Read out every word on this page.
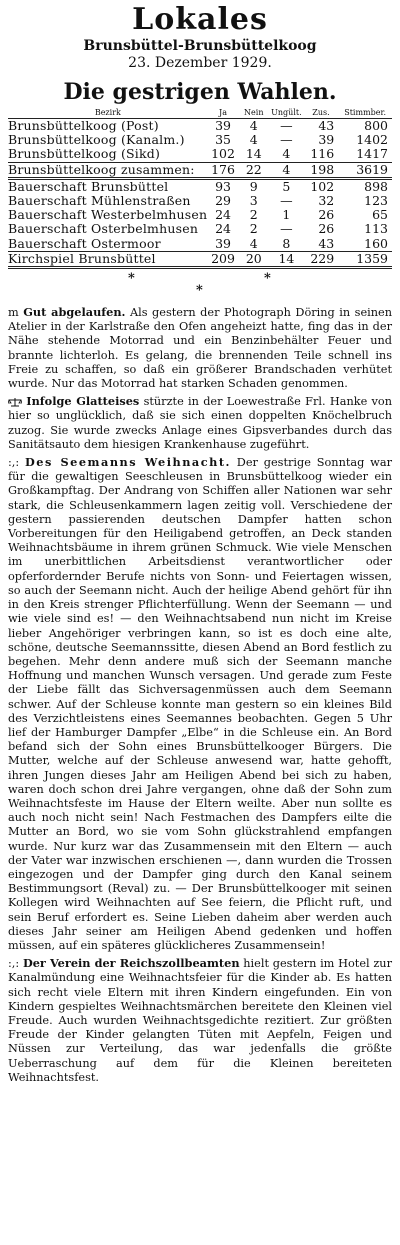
Lokales
Brunsbüttel-Brunsbüttelkoog
23. Dezember 1929.
Die gestrigen Wahlen.
Bezirk	Ja	Nein	Ungült.	Zus.	Stimmber.
Brunsbüttelkoog (Post)	39	4	—	43	800
Brunsbüttelkoog (Kanalm.)	35	4	—	39	1402
Brunsbüttelkoog (Sikd)	102	14	4	116	1417
Brunsbüttelkoog zusammen:	176	22	4	198	3619
Bauerschaft Brunsbüttel	93	9	5	102	898
Bauerschaft Mühlenstraßen	29	3	—	32	123
Bauerschaft Westerbelmhusen	24	2	1	26	65
Bauerschaft Osterbelmhusen	24	2	—	26	113
Bauerschaft Ostermoor	39	4	8	43	160
Kirchspiel Brunsbüttel	209	20	14	229	1359
*
*
*

m Gut abgelaufen. Als gestern der Photograph Döring in seinen Atelier in der Karlstraße den Ofen angeheizt hatte, fing das in der Nähe stehende Motorrad und ein Benzinbehälter Feuer und brannte lichterloh. Es gelang, die brennenden Teile schnell ins Freie zu schaffen, so daß ein größerer Brandschaden verhütet wurde. Nur das Motorrad hat starken Schaden genommen.

Infolge Glatteises stürzte in der Loewestraße Frl. Hanke von hier so unglücklich, daß sie sich einen doppelten Knöchelbruch zuzog. Sie wurde zwecks Anlage eines Gipsverbandes durch das Sanitätsauto dem hiesigen Krankenhause zugeführt.

:,: Des Seemanns Weihnacht. Der gestrige Sonntag war für die gewaltigen Seeschleusen in Brunsbüttelkoog wieder ein Großkampftag. Der Andrang von Schiffen aller Nationen war sehr stark, die Schleusenkammern lagen zeitig voll. Verschiedene der gestern passierenden deutschen Dampfer hatten schon Vorbereitungen für den Heiligabend getroffen, an Deck standen Weihnachtsbäume in ihrem grünen Schmuck. Wie viele Menschen im unerbittlichen Arbeitsdienst verantwortlicher oder opferfordernder Berufe nichts von Sonn- und Feiertagen wissen, so auch der Seemann nicht. Auch der heilige Abend gehört für ihn in den Kreis strenger Pflichterfüllung. Wenn der Seemann — und wie viele sind es! — den Weihnachtsabend nun nicht im Kreise lieber Angehöriger verbringen kann, so ist es doch eine alte, schöne, deutsche Seemannssitte, diesen Abend an Bord festlich zu begehen. Mehr denn andere muß sich der Seemann manche Hoffnung und manchen Wunsch versagen. Und gerade zum Feste der Liebe fällt das Sichversagenmüssen auch dem Seemann schwer. Auf der Schleuse konnte man gestern so ein kleines Bild des Verzichtleistens eines Seemannes beobachten. Gegen 5 Uhr lief der Hamburger Dampfer „Elbe“ in die Schleuse ein. An Bord befand sich der Sohn eines Brunsbüttelkooger Bürgers. Die Mutter, welche auf der Schleuse anwesend war, hatte gehofft, ihren Jungen dieses Jahr am Heiligen Abend bei sich zu haben, waren doch schon drei Jahre vergangen, ohne daß der Sohn zum Weihnachtsfeste im Hause der Eltern weilte. Aber nun sollte es auch noch nicht sein! Nach Festmachen des Dampfers eilte die Mutter an Bord, wo sie vom Sohn glückstrahlend empfangen wurde. Nur kurz war das Zusammensein mit den Eltern — auch der Vater war inzwischen erschienen —, dann wurden die Trossen eingezogen und der Dampfer ging durch den Kanal seinem Bestimmungsort (Reval) zu. — Der Brunsbüttelkooger mit seinen Kollegen wird Weihnachten auf See feiern, die Pflicht ruft, und sein Beruf erfordert es. Seine Lieben daheim aber werden auch dieses Jahr seiner am Heiligen Abend gedenken und hoffen müssen, auf ein späteres glücklicheres Zusammensein!

:,: Der Verein der Reichszollbeamten hielt gestern im Hotel zur Kanalmündung eine Weihnachtsfeier für die Kinder ab. Es hatten sich recht viele Eltern mit ihren Kindern eingefunden. Ein von Kindern gespieltes Weihnachtsmärchen bereitete den Kleinen viel Freude. Auch wurden Weihnachtsgedichte rezitiert. Zur größten Freude der Kinder gelangten Tüten mit Aepfeln, Feigen und Nüssen zur Verteilung, das war jedenfalls die größte Ueberraschung auf dem für die Kleinen bereiteten Weihnachtsfest.
